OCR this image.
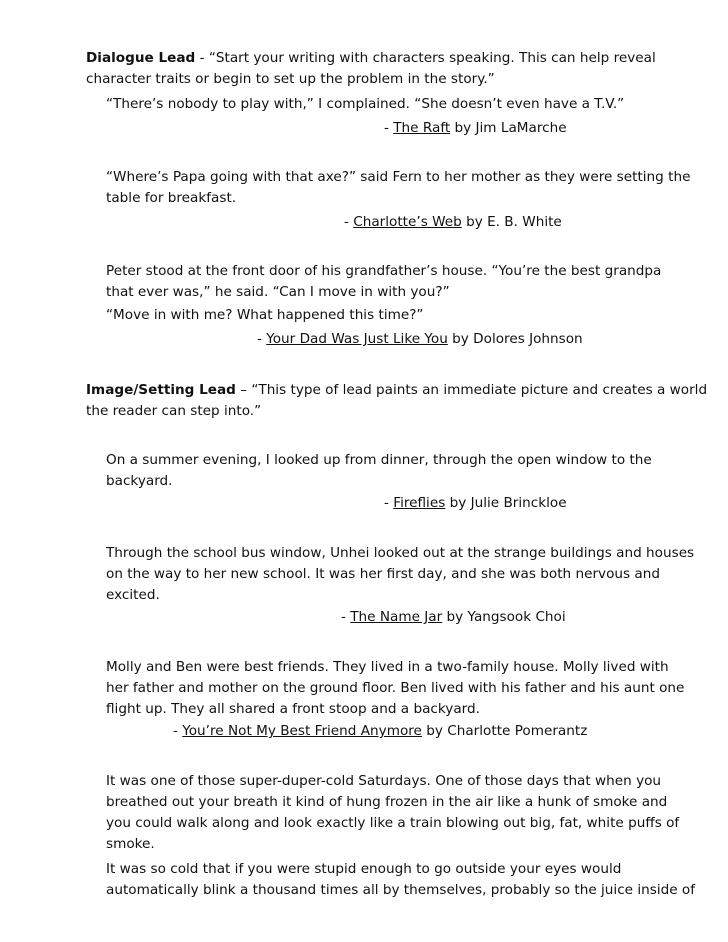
Dialogue Lead - “Start your writing with characters speaking. This can help reveal
character traits or begin to set up the problem in the story.”
“There’s nobody to play with,” I complained. “She doesn’t even have a T.V.”
- The Raft by Jim LaMarche
“Where’s Papa going with that axe?” said Fern to her mother as they were setting the
table for breakfast.
- Charlotte’s Web by E. B. White
Peter stood at the front door of his grandfather’s house. “You’re the best grandpa
that ever was,” he said. “Can I move in with you?”
“Move in with me? What happened this time?”
- Your Dad Was Just Like You by Dolores Johnson
Image/Setting Lead – “This type of lead paints an immediate picture and creates a world
the reader can step into.”
On a summer evening, I looked up from dinner, through the open window to the
backyard.
- Fireflies by Julie Brinckloe
Through the school bus window, Unhei looked out at the strange buildings and houses
on the way to her new school. It was her first day, and she was both nervous and
excited.
- The Name Jar by Yangsook Choi
Molly and Ben were best friends. They lived in a two-family house. Molly lived with
her father and mother on the ground floor. Ben lived with his father and his aunt one
flight up. They all shared a front stoop and a backyard.
- You’re Not My Best Friend Anymore by Charlotte Pomerantz
It was one of those super-duper-cold Saturdays. One of those days that when you
breathed out your breath it kind of hung frozen in the air like a hunk of smoke and
you could walk along and look exactly like a train blowing out big, fat, white puffs of
smoke.
It was so cold that if you were stupid enough to go outside your eyes would
automatically blink a thousand times all by themselves, probably so the juice inside of
